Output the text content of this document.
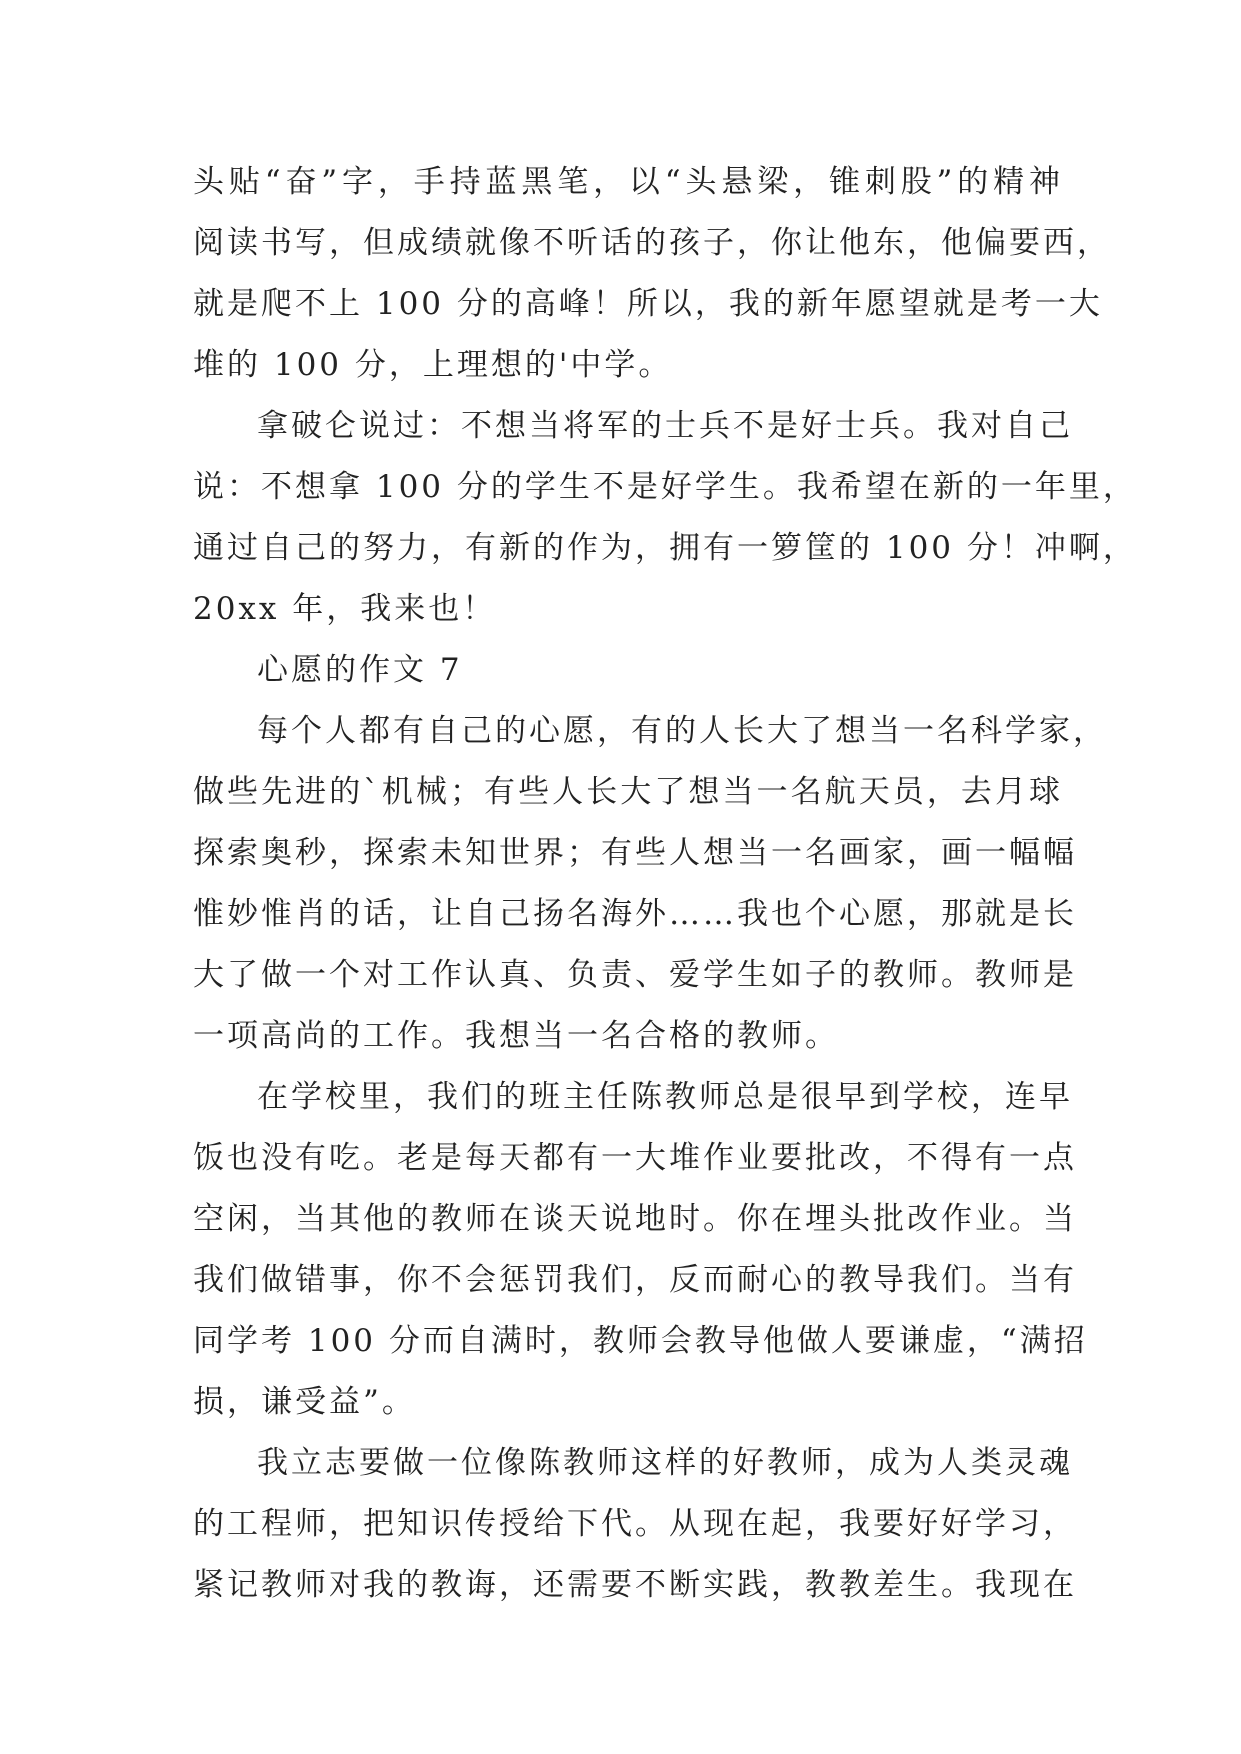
头贴“奋”字，手持蓝黑笔，以“头悬梁，锥刺股”的精神
阅读书写，但成绩就像不听话的孩子，你让他东，他偏要西，
就是爬不上 100 分的高峰！所以，我的新年愿望就是考一大
堆的 100 分，上理想的'中学。
拿破仑说过：不想当将军的士兵不是好士兵。我对自己
说：不想拿 100 分的学生不是好学生。我希望在新的一年里，
通过自己的努力，有新的作为，拥有一箩筐的 100 分！冲啊，
20xx 年，我来也！
心愿的作文 7
每个人都有自己的心愿，有的人长大了想当一名科学家，
做些先进的`机械；有些人长大了想当一名航天员，去月球
探索奥秒，探索未知世界；有些人想当一名画家，画一幅幅
惟妙惟肖的话，让自己扬名海外……我也个心愿，那就是长
大了做一个对工作认真、负责、爱学生如子的教师。教师是
一项高尚的工作。我想当一名合格的教师。
在学校里，我们的班主任陈教师总是很早到学校，连早
饭也没有吃。老是每天都有一大堆作业要批改，不得有一点
空闲，当其他的教师在谈天说地时。你在埋头批改作业。当
我们做错事，你不会惩罚我们，反而耐心的教导我们。当有
同学考 100 分而自满时，教师会教导他做人要谦虚，“满招
损，谦受益”。
我立志要做一位像陈教师这样的好教师，成为人类灵魂
的工程师，把知识传授给下代。从现在起，我要好好学习，
紧记教师对我的教诲，还需要不断实践，教教差生。我现在
